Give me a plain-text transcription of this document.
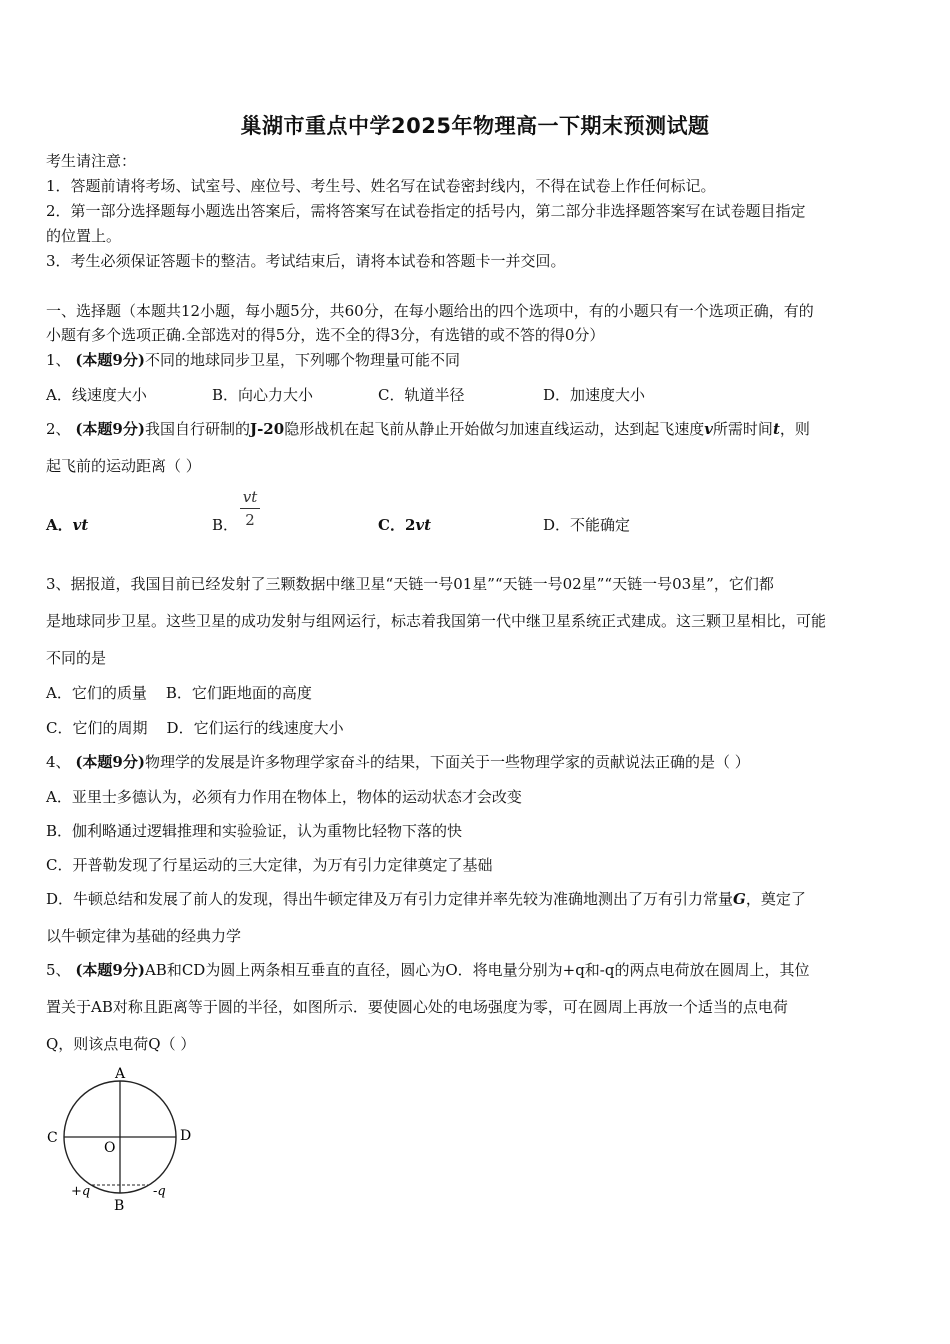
巢湖市重点中学2025年物理高一下期末预测试题
考生请注意：
1．答题前请将考场、试室号、座位号、考生号、姓名写在试卷密封线内，不得在试卷上作任何标记。
2．第一部分选择题每小题选出答案后，需将答案写在试卷指定的括号内，第二部分非选择题答案写在试卷题目指定
的位置上。
3．考生必须保证答题卡的整洁。考试结束后，请将本试卷和答题卡一并交回。
一、选择题（本题共12小题，每小题5分，共60分，在每小题给出的四个选项中，有的小题只有一个选项正确，有的
小题有多个选项正确.全部选对的得5分，选不全的得3分，有选错的或不答的得0分）
1、 (本题9分)不同的地球同步卫星，下列哪个物理量可能不同
A．线速度大小	B．向心力大小	C．轨道半径	D．加速度大小
2、 (本题9分)我国自行研制的J-20隐形战机在起飞前从静止开始做匀加速直线运动，达到起飞速度v所需时间t，则
起飞前的运动距离（ ）
A．vt	B．
vt
2	C．2vt	D．不能确定
3、据报道，我国目前已经发射了三颗数据中继卫星“天链一号01星”“天链一号02星”“天链一号03星”，它们都
是地球同步卫星。这些卫星的成功发射与组网运行，标志着我国第一代中继卫星系统正式建成。这三颗卫星相比，可能
不同的是
A．它们的质量    B．它们距地面的高度
C．它们的周期    D．它们运行的线速度大小
4、 (本题9分)物理学的发展是许多物理学家奋斗的结果，下面关于一些物理学家的贡献说法正确的是（ ）
A．亚里士多德认为，必须有力作用在物体上，物体的运动状态才会改变
B．伽利略通过逻辑推理和实验验证，认为重物比轻物下落的快
C．开普勒发现了行星运动的三大定律，为万有引力定律奠定了基础
D．牛顿总结和发展了前人的发现，得出牛顿定律及万有引力定律并率先较为准确地测出了万有引力常量G，奠定了
以牛顿定律为基础的经典力学
5、 (本题9分)AB和CD为圆上两条相互垂直的直径，圆心为O．将电量分别为+q和-q的两点电荷放在圆周上，其位
置关于AB对称且距离等于圆的半径，如图所示．要使圆心处的电场强度为零，可在圆周上再放一个适当的点电荷
Q，则该点电荷Q（ ）
A
B
C	D
O
+q	-q
